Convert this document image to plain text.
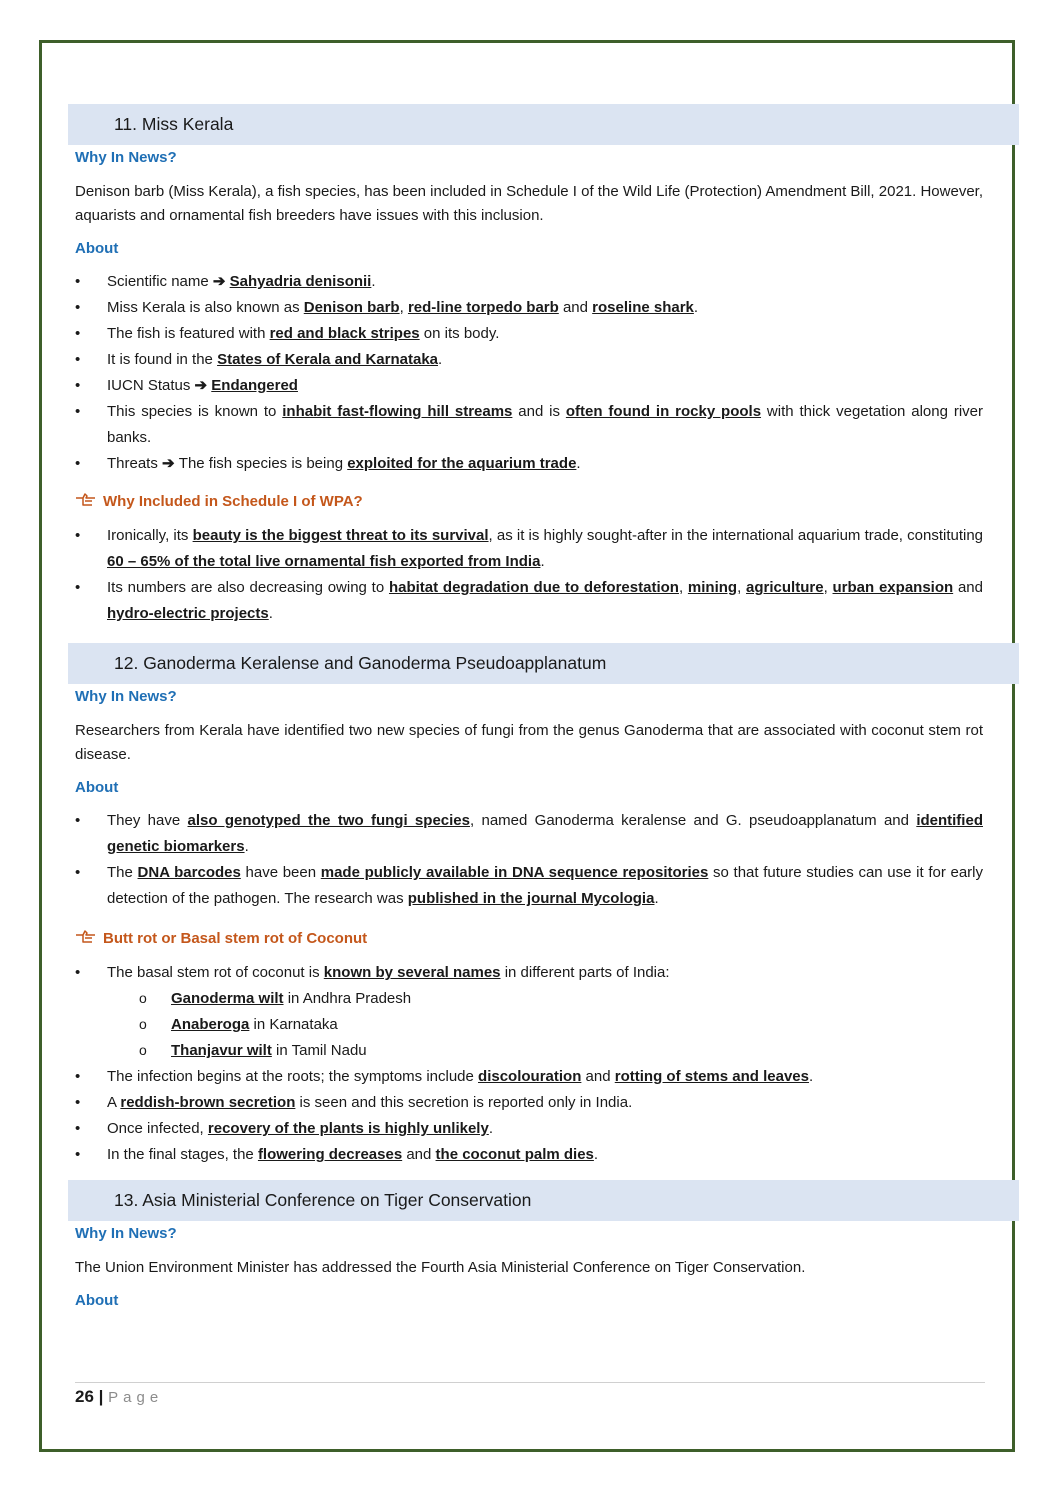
11. Miss Kerala
Why In News?

Denison barb (Miss Kerala), a fish species, has been included in Schedule I of the Wild Life (Protection) Amendment Bill, 2021. However, aquarists and ornamental fish breeders have issues with this inclusion.

About
• Scientific name ➔ Sahyadria denisonii.
• Miss Kerala is also known as Denison barb, red-line torpedo barb and roseline shark.
• The fish is featured with red and black stripes on its body.
• It is found in the States of Kerala and Karnataka.
• IUCN Status ➔ Endangered
• This species is known to inhabit fast-flowing hill streams and is often found in rocky pools with thick vegetation along river banks.
• Threats ➔ The fish species is being exploited for the aquarium trade.
Why Included in Schedule I of WPA?
• Ironically, its beauty is the biggest threat to its survival, as it is highly sought-after in the international aquarium trade, constituting 60 – 65% of the total live ornamental fish exported from India.
• Its numbers are also decreasing owing to habitat degradation due to deforestation, mining, agriculture, urban expansion and hydro-electric projects.
12. Ganoderma Keralense and Ganoderma Pseudoapplanatum
Why In News?

Researchers from Kerala have identified two new species of fungi from the genus Ganoderma that are associated with coconut stem rot disease.

About
• They have also genotyped the two fungi species, named Ganoderma keralense and G. pseudoapplanatum and identified genetic biomarkers.
• The DNA barcodes have been made publicly available in DNA sequence repositories so that future studies can use it for early detection of the pathogen. The research was published in the journal Mycologia.
Butt rot or Basal stem rot of Coconut
• The basal stem rot of coconut is known by several names in different parts of India:
o Ganoderma wilt in Andhra Pradesh
o Anaberoga in Karnataka
o Thanjavur wilt in Tamil Nadu
• The infection begins at the roots; the symptoms include discolouration and rotting of stems and leaves.
• A reddish-brown secretion is seen and this secretion is reported only in India.
• Once infected, recovery of the plants is highly unlikely.
• In the final stages, the flowering decreases and the coconut palm dies.
13. Asia Ministerial Conference on Tiger Conservation
Why In News?

The Union Environment Minister has addressed the Fourth Asia Ministerial Conference on Tiger Conservation.

About
26 | Page
